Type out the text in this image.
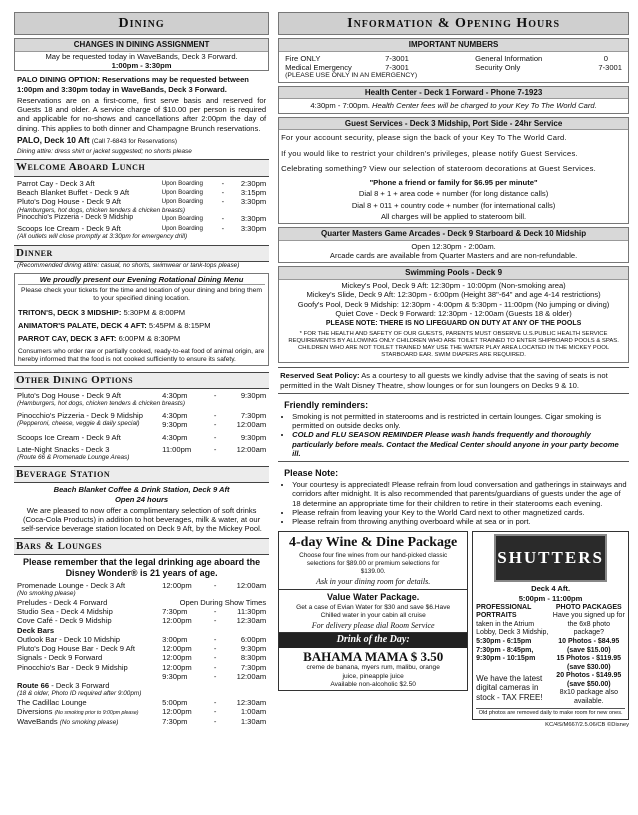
Dining
CHANGES IN DINING ASSIGNMENT
May be requested today in WaveBands, Deck 3 Forward.
1:00pm - 3:30pm
PALO DINING OPTION: Reservations may be requested between 1:00pm and 3:30pm today in WaveBands, Deck 3 Forward.
Reservations are on a first-come, first serve basis and reserved for Guests 18 and older. A service charge of $10.00 per person is required and applicable for no-shows and cancellations after 2:00pm the day of dining. This applies to both dinner and Champagne Brunch reservations.
PALO, Deck 10 Aft (Call 7-6843 for Reservations)
Dining attire: dress shirt or jacket suggested; no shorts please
Welcome Aboard Lunch
Parrot Cay - Deck 3 Aft	Upon Boarding	-	2:30pm
Beach Blanket Buffet - Deck 9 Aft	Upon Boarding	-	3:15pm
Pluto's Dog House - Deck 9 Aft	Upon Boarding	-	3:30pm
(Hamburgers, hot dogs, chicken tenders & chicken breasts)
Pinocchio's Pizzeria - Deck 9 Midship	Upon Boarding	-	3:30pm
Scoops Ice Cream - Deck 9 Aft	Upon Boarding	-	3:30pm
(All outlets will close promptly at 3:30pm for emergency drill)
Dinner
(Recommended dining attire: casual, no shorts, swimwear or tank-tops please)
We proudly present our Evening Rotational Dining Menu
Please check your tickets for the time and location of your dining and bring them to your specified dining location.
TRITON'S, DECK 3 MIDSHIP: 5:30PM & 8:00PM
ANIMATOR'S PALATE, DECK 4 AFT: 5:45PM & 8:15PM
PARROT CAY, DECK 3 AFT: 6:00PM & 8:30PM
Consumers who order raw or partially cooked, ready-to-eat food of animal origin, are hereby informed that the food is not cooked sufficiently to ensure its safety.
Other Dining Options
Pluto's Dog House - Deck 9 Aft	4:30pm	-	9:30pm
(Hamburgers, hot dogs, chicken tenders & chicken breasts)
Pinocchio's Pizzeria - Deck 9 Midship	4:30pm	-	7:30pm
(Pepperoni, cheese, veggie & daily special)	9:30pm	-	12:00am
Scoops Ice Cream - Deck 9 Aft	4:30pm	-	9:30pm
Late-Night Snacks - Deck 3	11:00pm	-	12:00am
(Route 66 & Promenade Lounge Areas)
Beverage Station
Beach Blanket Coffee & Drink Station, Deck 9 Aft
Open 24 hours
We are pleased to now offer a complimentary selection of soft drinks (Coca-Cola Products) in addition to hot beverages, milk & water, at our self-service beverage station located on Deck 9 Aft, by the Mickey Pool.
Bars & Lounges
Please remember that the legal drinking age aboard the Disney Wonder® is 21 years of age.
Promenade Lounge - Deck 3 Aft	12:00pm	-	12:00am
(No smoking please)
Preludes - Deck 4 Forward	Open During Show Times
Studio Sea - Deck 4 Midship	7:30pm	-	11:30pm
Cove Café - Deck 9 Midship	12:00pm	-	12:30am
Deck Bars
Outlook Bar - Deck 10 Midship	3:00pm	-	6:00pm
Pluto's Dog House Bar - Deck 9 Aft	12:00pm	-	9:30pm
Signals - Deck 9 Forward	12:00pm	-	8:30pm
Pinocchio's Bar - Deck 9 Midship	12:00pm	-	7:30pm
9:30pm	-	12:00am
Route 66 - Deck 3 Forward
(18 & older, Photo ID required after 9:00pm)
The Cadillac Lounge	5:00pm	-	12:30am
Diversions (No smoking prior to 9:00pm please)	12:00pm	-	1:00am
WaveBands (No smoking please)	7:30pm	-	1:30am
Information & Opening Hours
IMPORTANT NUMBERS
Fire ONLY	7-3001	General Information	0
Medical Emergency	7-3001	Security Only	7-3001
(PLEASE USE ONLY IN AN EMERGENCY)
Health Center - Deck 1 Forward - Phone 7-1923
4:30pm - 7:00pm. Health Center fees will be charged to your Key To The World Card.
Guest Services - Deck 3 Midship, Port Side - 24hr Service
For your account security, please sign the back of your Key To The World Card.
If you would like to restrict your children's privileges, please notify Guest Services.
Celebrating something? View our selection of stateroom decorations at Guest Services.
"Phone a friend or family for $6.95 per minute"
Dial 8 + 1 + area code + number (for long distance calls)
Dial 8 + 011 + country code + number (for international calls)
All charges will be applied to stateroom bill.
Quarter Masters Game Arcades - Deck 9 Starboard & Deck 10 Midship
Open 12:30pm - 2:00am.
Arcade cards are available from Quarter Masters and are non-refundable.
Swimming Pools - Deck 9
Mickey's Pool, Deck 9 Aft: 12:30pm - 10:00pm (Non-smoking area)
Mickey's Slide, Deck 9 Aft: 12:30pm - 6:00pm (Height 38"-64" and age 4-14 restrictions)
Goofy's Pool, Deck 9 Midship: 12:30pm - 4:00pm & 5:30pm - 11:00pm (No jumping or diving)
Quiet Cove - Deck 9 Forward: 12:30pm - 12:00am (Guests 18 & older)
PLEASE NOTE: THERE IS NO LIFEGUARD ON DUTY AT ANY OF THE POOLS
* FOR THE HEALTH AND SAFETY OF OUR GUESTS, PARENTS MUST OBSERVE U.S.PUBLIC HEALTH SERVICE REQUIREMENTS BY ALLOWING ONLY CHILDREN WHO ARE TOILET TRAINED TO ENTER SHIPBOARD POOLS & SPAS. CHILDREN WHO ARE NOT TOILET TRAINED MAY USE THE WATER PLAY AREA LOCATED IN THE MICKEY POOL STARBOARD EAR. SWIM DIAPERS ARE REQUIRED.
Reserved Seat Policy: As a courtesy to all guests we kindly advise that the saving of seats is not permitted in the Walt Disney Theatre, show lounges or for sun loungers on Decks 9 & 10.
Friendly reminders:
• Smoking is not permitted in staterooms and is restricted in certain lounges. Cigar smoking is permitted on outside decks only.
• COLD and FLU SEASON REMINDER Please wash hands frequently and thoroughly particularly before meals. Contact the Medical Center should anyone in your party become ill.
Please Note:
• Your courtesy is appreciated! Please refrain from loud conversation and gatherings in stairways and corridors after midnight. It is also recommended that parents/guardians of guests under the age of 18 determine an appropriate time for their children to retire in their staterooms each evening.
• Please refrain from leaving your Key to the World Card next to other magnetized cards.
• Please refrain from throwing anything overboard while at sea or in port.
4-day Wine & Dine Package
Choose four fine wines from our hand-picked classic selections for $89.00 or premium selections for $139.00.
Ask in your dining room for details.
Value Water Package.
Get a case of Evian Water for $30 and save $6.Have Chilled water in your cabin all cruise
For delivery please dial Room Service
Drink of the Day:
BAHAMA MAMA $ 3.50
creme de banana, myers rum, malibu, orange juice, pineapple juice
Available non-alcoholic $2.50
SHUTTERS
Deck 4 Aft.
5:00pm - 11:00pm
PROFESSIONAL PORTRAITS
taken in the Atrium Lobby, Deck 3 Midship,
5:30pm - 6:15pm
7:30pm - 8:45pm,
9:30pm - 10:15pm
We have the latest digital cameras in stock - TAX FREE!
PHOTO PACKAGES
Have you signed up for the 6x8 photo package?
10 Photos - $84.95
(save $15.00)
15 Photos - $119.95
(save $30.00)
20 Photos - $149.95
(save $50.00)
8x10 package also available.
Old photos are removed daily to make room for new ones.
KC/4S/M667/2.5.06/CB ©Disney
